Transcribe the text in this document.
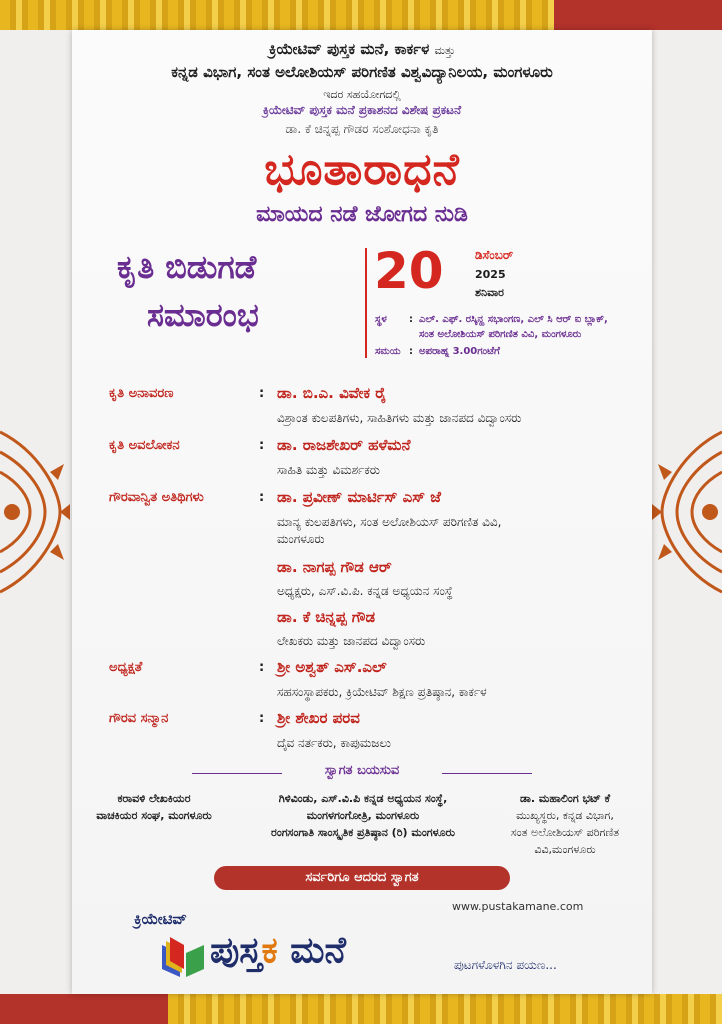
ಕ್ರಿಯೇಟಿವ್ ಪುಸ್ತಕ ಮನೆ, ಕಾರ್ಕಳ ಮತ್ತು
ಕನ್ನಡ ವಿಭಾಗ, ಸಂತ ಅಲೋಶಿಯಸ್ ಪರಿಗಣಿತ ವಿಶ್ವವಿದ್ಯಾನಿಲಯ, ಮಂಗಳೂರು
ಇದರ ಸಹಯೋಗದಲ್ಲಿ
ಕ್ರಿಯೇಟಿವ್ ಪುಸ್ತಕ ಮನೆ ಪ್ರಕಾಶನದ ವಿಶೇಷ ಪ್ರಕಟನೆ
ಡಾ. ಕೆ ಚಿನ್ನಪ್ಪ ಗೌಡರ ಸಂಶೋಧನಾ ಕೃತಿ
ಭೂತಾರಾಧನೆ
ಮಾಯದ ನಡೆ ಜೋಗದ ನುಡಿ
ಕೃತಿ ಬಿಡುಗಡೆ
ಸಮಾರಂಭ
20	ಡಿಸೆಂಬರ್
2025
ಶನಿವಾರ
ಸ್ಥಳ : ಎಲ್. ಎಫ್. ರಸ್ಕಿನ್ಹ ಸಭಾಂಗಣ, ಎಲ್ ಸಿ ಆರ್ ಐ ಬ್ಲಾಕ್,
ಸಂತ ಅಲೋಶಿಯಸ್ ಪರಿಗಣಿತ ವಿವಿ, ಮಂಗಳೂರು
ಸಮಯ : ಅಪರಾಹ್ನ 3.00ಗಂಟೆಗೆ
ಕೃತಿ ಅನಾವರಣ	: ಡಾ. ಬಿ.ಎ. ವಿವೇಕ ರೈ
ವಿಶ್ರಾಂತ ಕುಲಪತಿಗಳು, ಸಾಹಿತಿಗಳು ಮತ್ತು ಜಾನಪದ ವಿದ್ವಾಂಸರು
ಕೃತಿ ಅವಲೋಕನ	: ಡಾ. ರಾಜಶೇಖರ್ ಹಳೆಮನೆ
ಸಾಹಿತಿ ಮತ್ತು ವಿಮರ್ಶಕರು
ಗೌರವಾನ್ವಿತ ಅತಿಥಿಗಳು	: ಡಾ. ಪ್ರವೀಣ್ ಮಾರ್ಟಿಸ್ ಎಸ್ ಜೆ
ಮಾನ್ಯ ಕುಲಪತಿಗಳು, ಸಂತ ಅಲೋಶಿಯಸ್ ಪರಿಗಣಿತ ವಿವಿ,
ಮಂಗಳೂರು
ಡಾ. ನಾಗಪ್ಪ ಗೌಡ ಆರ್
ಅಧ್ಯಕ್ಷರು, ಎಸ್.ವಿ.ಪಿ. ಕನ್ನಡ ಅಧ್ಯಯನ ಸಂಸ್ಥೆ
ಡಾ. ಕೆ ಚಿನ್ನಪ್ಪ ಗೌಡ
ಲೇಖಕರು ಮತ್ತು ಜಾನಪದ ವಿದ್ವಾಂಸರು
ಅಧ್ಯಕ್ಷತೆ	: ಶ್ರೀ ಅಶ್ವತ್ ಎಸ್.ಎಲ್
ಸಹಸಂಸ್ಥಾಪಕರು, ಕ್ರಿಯೇಟಿವ್ ಶಿಕ್ಷಣ ಪ್ರತಿಷ್ಠಾನ, ಕಾರ್ಕಳ
ಗೌರವ ಸನ್ಮಾನ	: ಶ್ರೀ ಶೇಖರ ಪರವ
ದೈವ ನರ್ತಕರು, ಕಾಪುಮಜಲು
ಸ್ವಾಗತ ಬಯಸುವ
ಕರಾವಳಿ ಲೇಖಕಿಯರ
ವಾಚಕಿಯರ ಸಂಘ, ಮಂಗಳೂರು
ಗಿಳಿವಿಂಡು, ಎಸ್.ವಿ.ಪಿ ಕನ್ನಡ ಅಧ್ಯಯನ ಸಂಸ್ಥೆ,
ಮಂಗಳಗಂಗೋತ್ರಿ, ಮಂಗಳೂರು
ರಂಗಸಂಗಾತಿ ಸಾಂಸ್ಕೃತಿಕ ಪ್ರತಿಷ್ಠಾನ (ರಿ) ಮಂಗಳೂರು
ಡಾ. ಮಹಾಲಿಂಗ ಭಟ್ ಕೆ
ಮುಖ್ಯಸ್ಥರು, ಕನ್ನಡ ವಿಭಾಗ,
ಸಂತ ಅಲೋಶಿಯಸ್ ಪರಿಗಣಿತ
ವಿವಿ,ಮಂಗಳೂರು
ಸರ್ವರಿಗೂ ಆದರದ ಸ್ವಾಗತ
www.pustakamane.com
ಕ್ರಿಯೇಟಿವ್
ಪುಸ್ತಕ ಮನೆ	ಪುಟಗಳೊಳಗಿನ ಪಯಣ...
